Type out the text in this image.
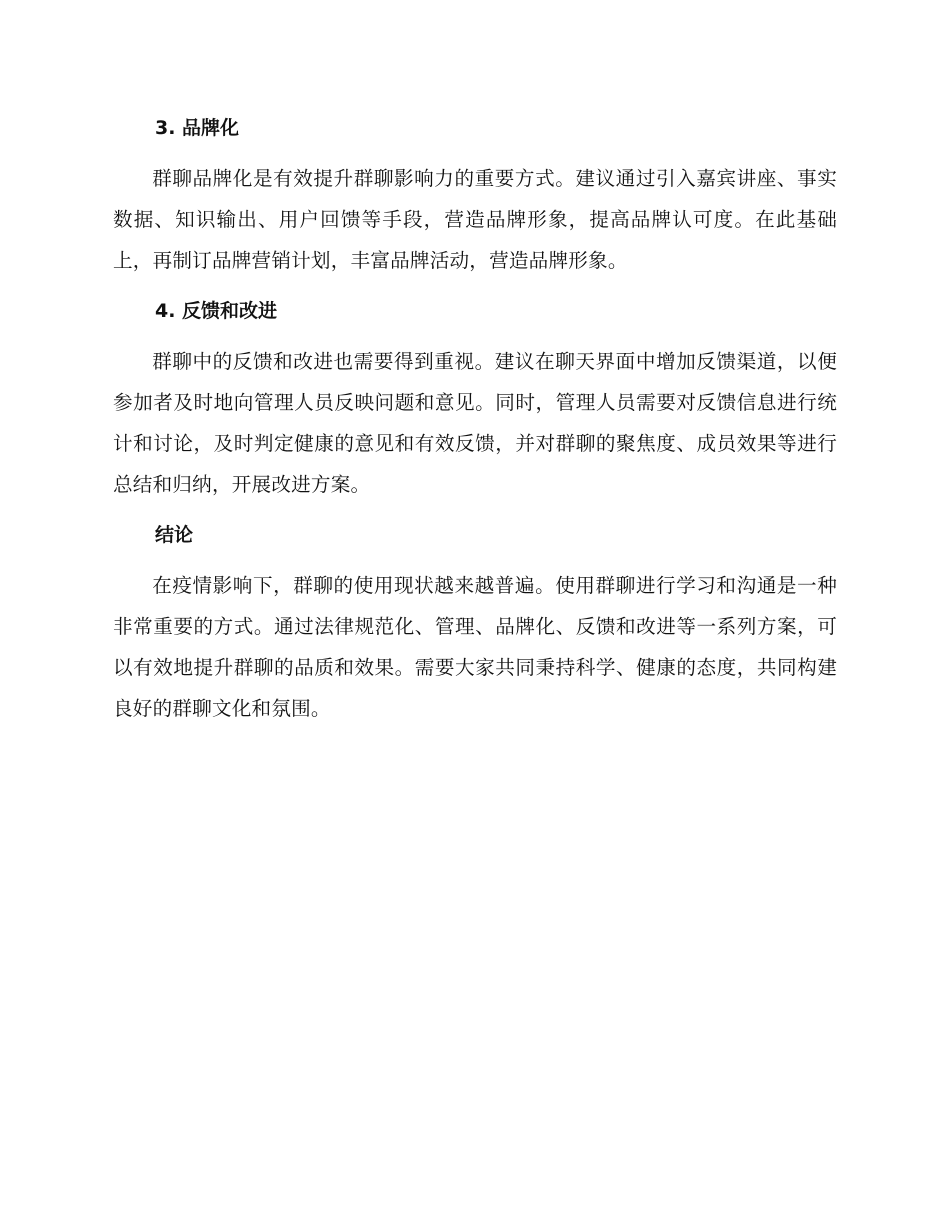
3. 品牌化

群聊品牌化是有效提升群聊影响力的重要方式。建议通过引入嘉宾讲座、事实数据、知识输出、用户回馈等手段，营造品牌形象，提高品牌认可度。在此基础上，再制订品牌营销计划，丰富品牌活动，营造品牌形象。

4. 反馈和改进

群聊中的反馈和改进也需要得到重视。建议在聊天界面中增加反馈渠道，以便参加者及时地向管理人员反映问题和意见。同时，管理人员需要对反馈信息进行统计和讨论，及时判定健康的意见和有效反馈，并对群聊的聚焦度、成员效果等进行总结和归纳，开展改进方案。

结论

在疫情影响下，群聊的使用现状越来越普遍。使用群聊进行学习和沟通是一种非常重要的方式。通过法律规范化、管理、品牌化、反馈和改进等一系列方案，可以有效地提升群聊的品质和效果。需要大家共同秉持科学、健康的态度，共同构建良好的群聊文化和氛围。
